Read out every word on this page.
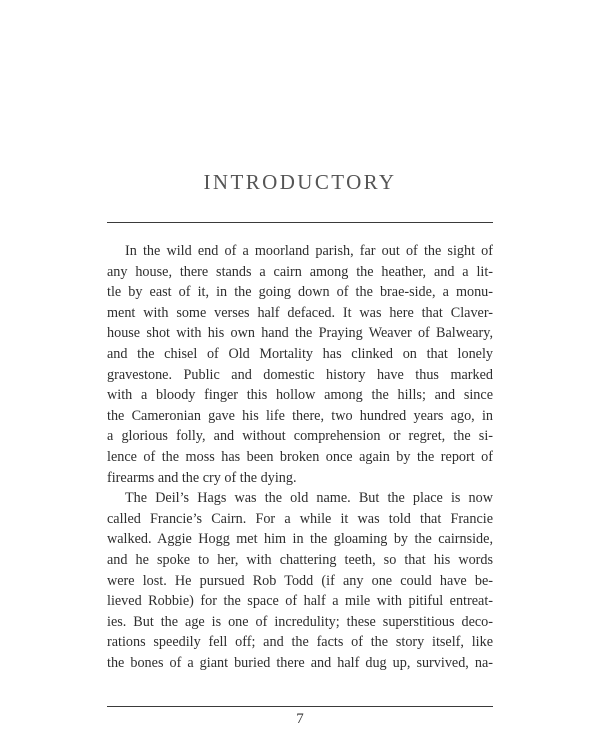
INTRODUCTORY
In the wild end of a moorland parish, far out of the sight of
any house, there stands a cairn among the heather, and a lit-
tle by east of it, in the going down of the brae-side, a monu-
ment with some verses half defaced. It was here that Claver-
house shot with his own hand the Praying Weaver of Balweary,
and the chisel of Old Mortality has clinked on that lonely
gravestone. Public and domestic history have thus marked
with a bloody finger this hollow among the hills; and since
the Cameronian gave his life there, two hundred years ago, in
a glorious folly, and without comprehension or regret, the si-
lence of the moss has been broken once again by the report of
firearms and the cry of the dying.
The Deil’s Hags was the old name. But the place is now
called Francie’s Cairn. For a while it was told that Francie
walked. Aggie Hogg met him in the gloaming by the cairnside,
and he spoke to her, with chattering teeth, so that his words
were lost. He pursued Rob Todd (if any one could have be-
lieved Robbie) for the space of half a mile with pitiful entreat-
ies. But the age is one of incredulity; these superstitious deco-
rations speedily fell off; and the facts of the story itself, like
the bones of a giant buried there and half dug up, survived, na-
7
